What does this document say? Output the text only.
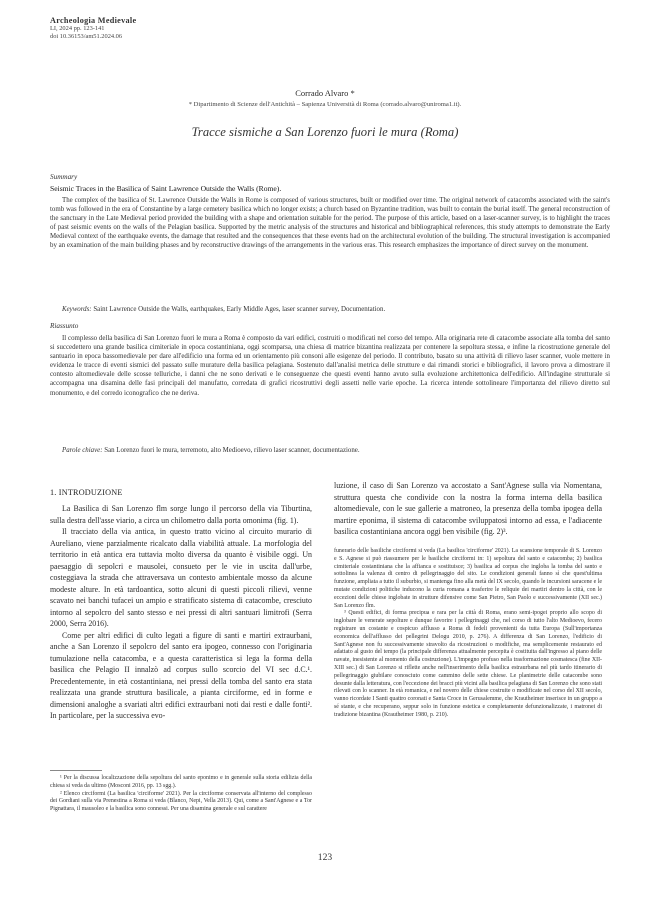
Archeologia Medievale
LI, 2024 pp. 123-141
doi 10.36153/am51.2024.06
Corrado Alvaro *
* Dipartimento di Scienze dell'Antichità – Sapienza Università di Roma (corrado.alvaro@uniroma1.it).
Tracce sismiche a San Lorenzo fuori le mura (Roma)
Summary
Seismic Traces in the Basilica of Saint Lawrence Outside the Walls (Rome).

The complex of the basilica of St. Lawrence Outside the Walls in Rome is composed of various structures, built or modified over time. The original network of catacombs associated with the saint's tomb was followed in the era of Constantine by a large cemetery basilica which no longer exists; a church based on Byzantine tradition, was built to contain the burial itself. The general reconstruction of the sanctuary in the Late Medieval period provided the building with a shape and orientation suitable for the period. The purpose of this article, based on a laser-scanner survey, is to highlight the traces of past seismic events on the walls of the Pelagian basilica. Supported by the metric analysis of the structures and historical and bibliographical references, this study attempts to demonstrate the Early Medieval context of the earthquake events, the damage that resulted and the consequences that these events had on the architectural evolution of the building. The structural investigation is accompanied by an examination of the main building phases and by reconstructive drawings of the arrangements in the various eras. This research emphasizes the importance of direct survey on the monument.

Keywords: Saint Lawrence Outside the Walls, earthquakes, Early Middle Ages, laser scanner survey, Documentation.

Riassunto

Il complesso della basilica di San Lorenzo fuori le mura a Roma è composto da vari edifici, costruiti o modificati nel corso del tempo. Alla originaria rete di catacombe associate alla tomba del santo si succedettero una grande basilica cimiteriale in epoca costantiniana, oggi scomparsa, una chiesa di matrice bizantina realizzata per contenere la sepoltura stessa, e infine la ricostruzione generale del santuario in epoca bassomedievale per dare all'edificio una forma ed un orientamento più consoni alle esigenze del periodo. Il contributo, basato su una attività di rilievo laser scanner, vuole mettere in evidenza le tracce di eventi sismici del passato sulle murature della basilica pelagiana. Sostenuto dall'analisi metrica delle strutture e dai rimandi storici e bibliografici, il lavoro prova a dimostrare il contesto altomedievale delle scosse telluriche, i danni che ne sono derivati e le conseguenze che questi eventi hanno avuto sulla evoluzione architettonica dell'edificio. All'indagine strutturale si accompagna una disamina delle fasi principali del manufatto, corredata di grafici ricostruttivi degli assetti nelle varie epoche. La ricerca intende sottolineare l'importanza del rilievo diretto sul monumento, e del corredo iconografico che ne deriva.

Parole chiave: San Lorenzo fuori le mura, terremoto, alto Medioevo, rilievo laser scanner, documentazione.

1. INTRODUZIONE

La Basilica di San Lorenzo flm sorge lungo il percorso della via Tiburtina, sulla destra dell'asse viario, a circa un chilometro dalla porta omonima (fig. 1).

Il tracciato della via antica, in questo tratto vicino al circuito murario di Aureliano, viene parzialmente ricalcato dalla viabilità attuale. La morfologia del territorio in età antica era tuttavia molto diversa da quanto è visibile oggi. Un paesaggio di sepolcri e mausolei, consueto per le vie in uscita dall'urbe, costeggiava la strada che attraversava un contesto ambientale mosso da alcune modeste alture. In età tardoantica, sotto alcuni di questi piccoli rilievi, venne scavato nei banchi tufacei un ampio e stratificato sistema di catacombe, cresciuto intorno al sepolcro del santo stesso e nei pressi di altri santuari limitrofi (Serra 2000, Serra 2016).

Come per altri edifici di culto legati a figure di santi e martiri extraurbani, anche a San Lorenzo il sepolcro del santo era ipogeo, connesso con l'originaria tumulazione nella catacomba, e a questa caratteristica si lega la forma della basilica che Pelagio II innalzò ad corpus sullo scorcio del VI sec d.C.¹. Precedentemente, in età costantiniana, nei pressi della tomba del santo era stata realizzata una grande struttura basilicale, a pianta circiforme, ed in forme e dimensioni analoghe a svariati altri edifici extraurbani noti dai resti e dalle fonti². In particolare, per la successiva evo-

¹ Per la discussa localizzazione della sepoltura del santo eponimo e in generale sulla storia edilizia della chiesa si veda da ultimo (Mosconi 2016, pp. 13 sgg.).

² Elenco circiformi (La basilica 'circiforme' 2021). Per la circiforme conservata all'interno del complesso dei Gordiani sulla via Prenestina a Roma si veda (Blanco, Nepi, Vella 2013). Qui, come a Sant'Agnese e a Tor Pignattara, il mausoleo e la basilica sono connessi. Per una disamina generale e sul carattere

luzione, il caso di San Lorenzo va accostato a Sant'Agnese sulla via Nomentana, struttura questa che condivide con la nostra la forma interna della basilica altomedievale, con le sue gallerie a matroneo, la presenza della tomba ipogea della martire eponima, il sistema di catacombe sviluppatosi intorno ad essa, e l'adiacente basilica costantiniana ancora oggi ben visibile (fig. 2)³.

funerario delle basiliche circiformi si veda (La basilica 'circiforme' 2021). La scansione temporale di S. Lorenzo e S. Agnese si può riassumere per le basiliche circiformi in: 1) sepoltura del santo e catacomba; 2) basilica cimiteriale costantiniana che la affianca e sostituisce; 3) basilica ad corpus che ingloba la tomba del santo e sottolinea la valenza di centro di pellegrinaggio del sito. Le condizioni generali fanno sì che quest'ultima funzione, ampliata a tutto il suburbio, si mantenga fino alla metà del IX secolo, quando le incursioni saracene e le mutate condizioni politiche inducono la curia romana a trasferire le reliquie dei martiri dentro la città, con le eccezioni delle chiese inglobate in strutture difensive come San Pietro, San Paolo e successivamente (XII sec.) San Lorenzo flm.

³ Questi edifici, di forma precipua e rara per la città di Roma, erano semi-ipogei proprio allo scopo di inglobare le venerate sepolture e dunque favorire i pellegrinaggi che, nel corso di tutto l'alto Medioevo, fecero registrare un costante e cospicuo afflusso a Roma di fedeli provenienti da tutta Europa (Sull'importanza economica dell'afflusso dei pellegrini Delogu 2010, p. 276). A differenza di San Lorenzo, l'edificio di Sant'Agnese non fu successivamente stravolto da ricostruzioni o modifiche, ma semplicemente restaurato ed adattato al gusto del tempo (la principale differenza attualmente percepita è costituita dall'ingresso al piano delle navate, inesistente al momento della costruzione). L'impegno profuso nella trasformazione cosmatesca (fine XII-XIII sec.) di San Lorenzo si riflette anche nell'inserimento della basilica estraurbana nel più tardo itinerario di pellegrinaggio giubilare conosciuto come cammino delle sette chiese. Le planimetrie delle catacombe sono desunte dalla letteratura, con l'eccezione dei bracci più vicini alla basilica pelagiana di San Lorenzo che sono stati rilevati con lo scanner. In età romanica, e nel novero delle chiese costruite o modificate nel corso del XII secolo, vanno ricordate I Santi quattro coronati e Santa Croce in Gerusalemme, che Krautheimer inserisce in un gruppo a sé stante, e che recuperano, seppur solo in funzione estetica e completamente defunzionalizzate, i matronei di tradizione bizantina (Krautheimer 1980, p. 210).

123
